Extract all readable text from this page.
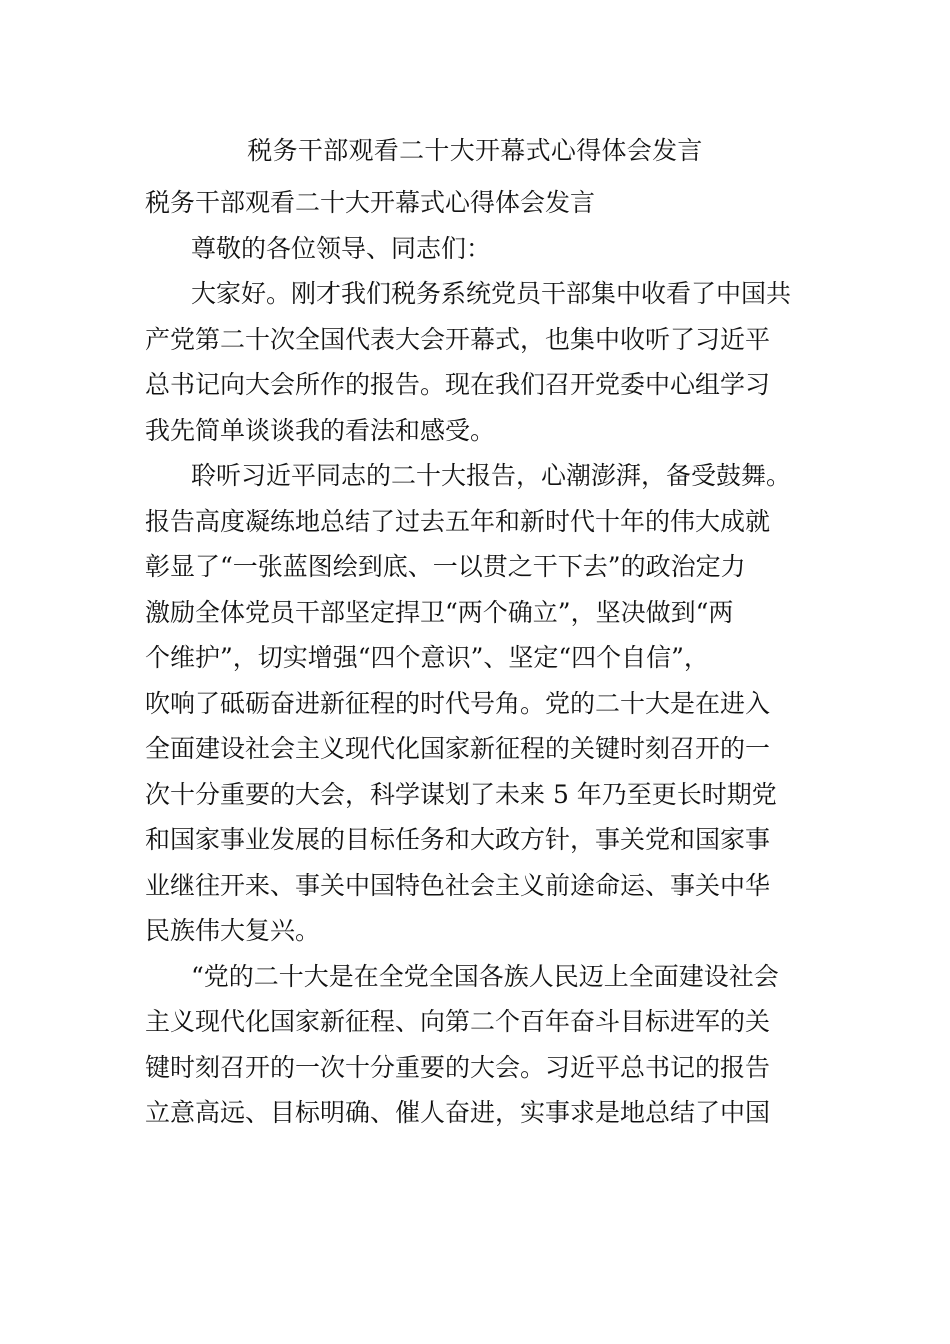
税务干部观看二十大开幕式心得体会发言
税务干部观看二十大开幕式心得体会发言
尊敬的各位领导、同志们：
大家好。刚才我们税务系统党员干部集中收看了中国共
产党第二十次全国代表大会开幕式，也集中收听了习近平
总书记向大会所作的报告。现在我们召开党委中心组学习
我先简单谈谈我的看法和感受。
聆听习近平同志的二十大报告，心潮澎湃，备受鼓舞。
报告高度凝练地总结了过去五年和新时代十年的伟大成就
彰显了“一张蓝图绘到底、一以贯之干下去”的政治定力
激励全体党员干部坚定捍卫“两个确立”，坚决做到“两
个维护”，切实增强“四个意识”、坚定“四个自信”，
吹响了砥砺奋进新征程的时代号角。党的二十大是在进入
全面建设社会主义现代化国家新征程的关键时刻召开的一
次十分重要的大会，科学谋划了未来 5 年乃至更长时期党
和国家事业发展的目标任务和大政方针，事关党和国家事
业继往开来、事关中国特色社会主义前途命运、事关中华
民族伟大复兴。
“党的二十大是在全党全国各族人民迈上全面建设社会
主义现代化国家新征程、向第二个百年奋斗目标进军的关
键时刻召开的一次十分重要的大会。习近平总书记的报告
立意高远、目标明确、催人奋进，实事求是地总结了中国
